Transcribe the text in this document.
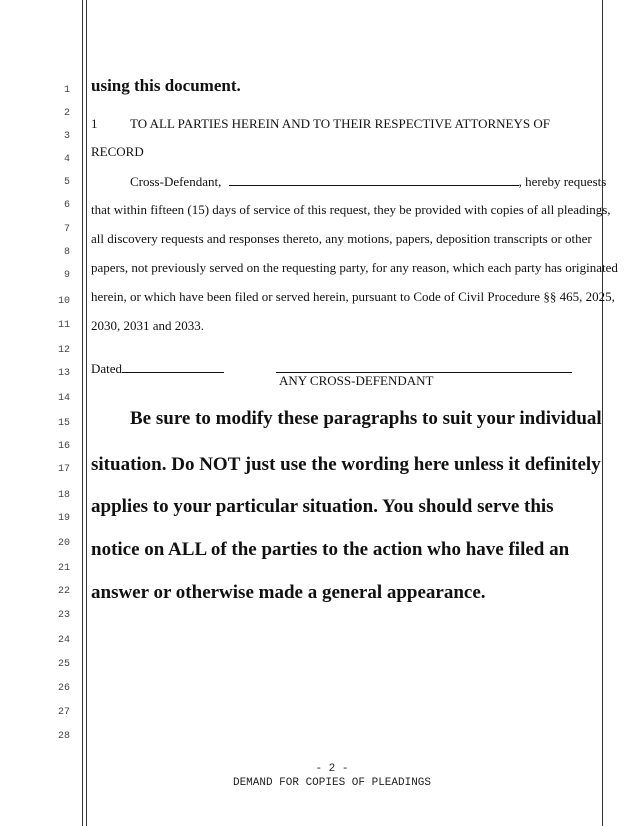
1
2
3
4
5
6
7
8
9
10
11
12
13
14
15
16
17
18
19
20
21
22
23
24
25
26
27
28
using this document.
1	TO ALL PARTIES HEREIN AND TO THEIR RESPECTIVE ATTORNEYS OF
RECORD
Cross-Defendant,	, hereby requests
that within fifteen (15) days of service of this request, they be provided with copies of all pleadings,
all discovery requests and responses thereto, any motions, papers, deposition transcripts or other
papers, not previously served on the requesting party, for any reason, which each party has originated
herein, or which have been filed or served herein, pursuant to Code of Civil Procedure §§ 465, 2025,
2030, 2031 and 2033.
Dated
ANY CROSS-DEFENDANT
Be sure to modify these paragraphs to suit your individual
situation. Do NOT just use the wording here unless it definitely
applies to your particular situation. You should serve this
notice on ALL of the parties to the action who have filed an
answer or otherwise made a general appearance.
- 2 -
DEMAND FOR COPIES OF PLEADINGS
